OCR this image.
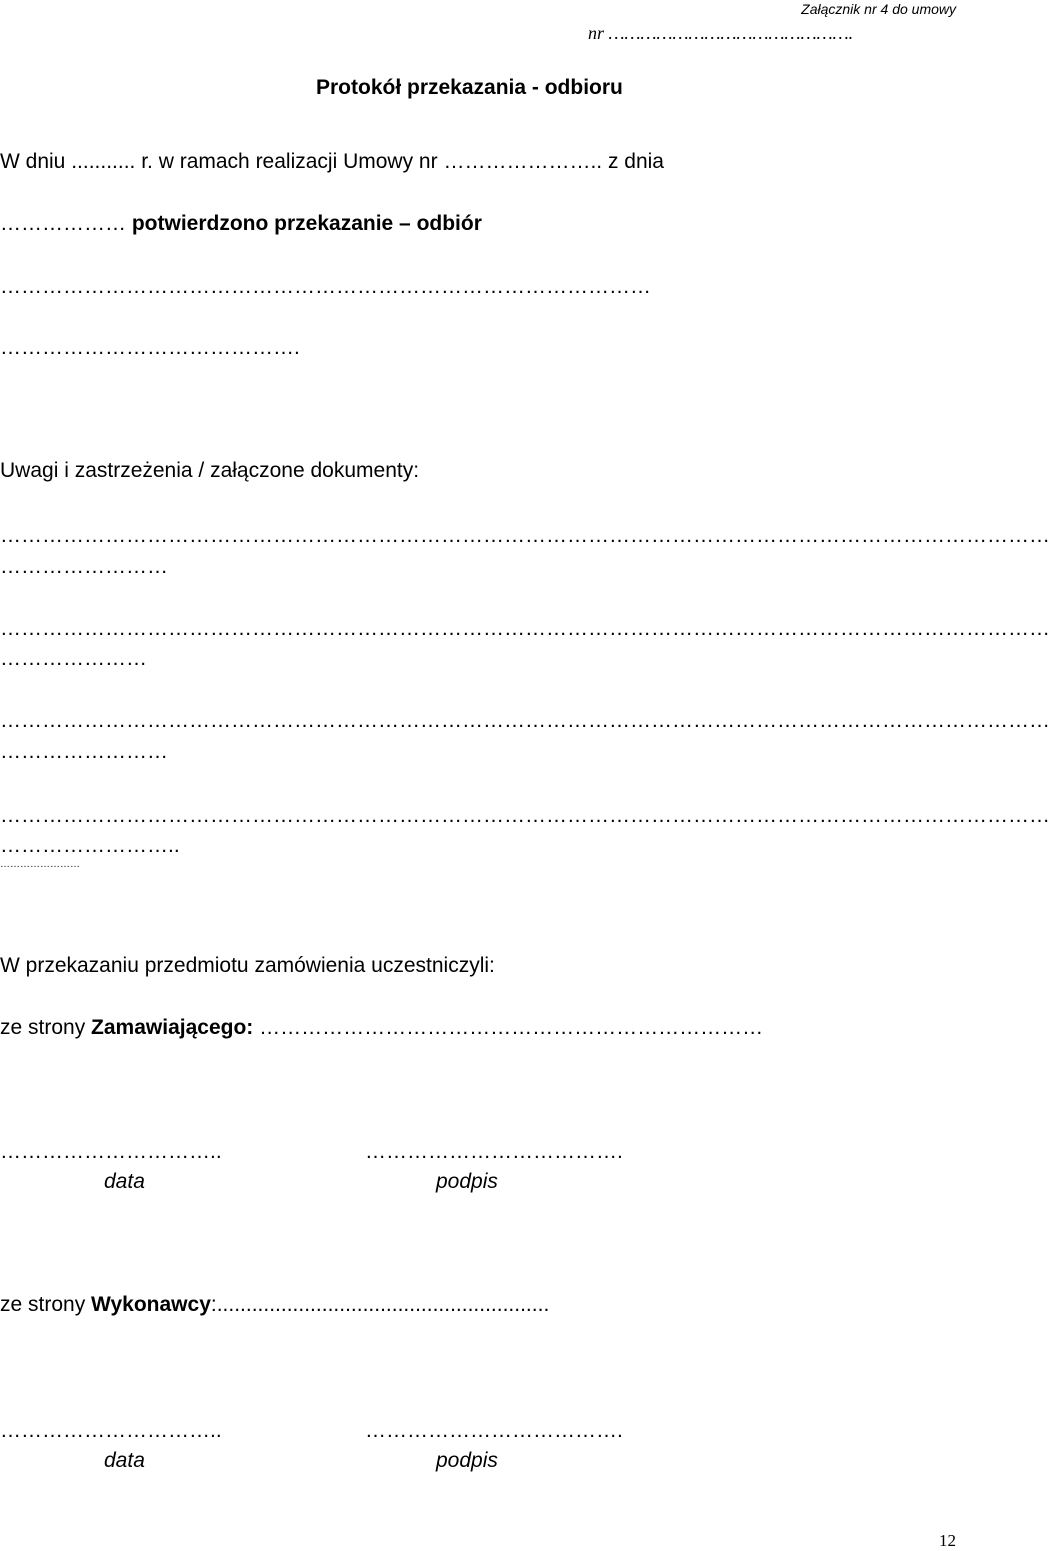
Załącznik nr 4 do umowy
nr ……………………………………….
Protokół przekazania - odbioru
W dniu ........... r. w ramach realizacji Umowy nr ………………….. z dnia
……………… potwierdzono przekazanie – odbiór
…………………………………………………………………………………
…………………………………….
Uwagi i zastrzeżenia / załączone dokumenty:
……………………………………………………………………………………………………………………………………
……………………
……………………………………………………………………………………………………………………………………
…………………
……………………………………………………………………………………………………………………………………
……………………
……………………………………………………………………………………………………………………………………
……………………..
……………………
W przekazaniu przedmiotu zamówienia uczestniczyli:
ze strony Zamawiającego: ………………………………………………………………
…………………………..	……………………………….
data	podpis
ze strony Wykonawcy:.........................................................
…………………………..	……………………………….
data	podpis
12
